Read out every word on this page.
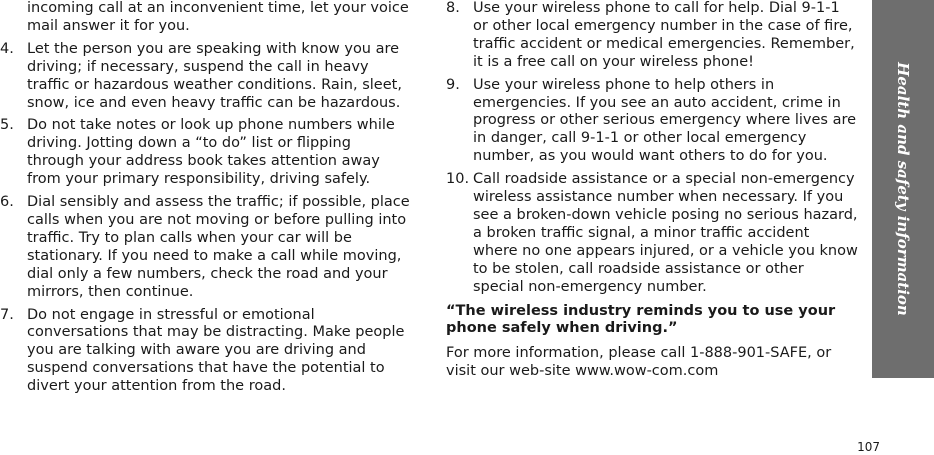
incoming call at an inconvenient time, let your voice mail answer it for you.

4. Let the person you are speaking with know you are driving; if necessary, suspend the call in heavy traffic or hazardous weather conditions. Rain, sleet, snow, ice and even heavy traffic can be hazardous.
5. Do not take notes or look up phone numbers while driving. Jotting down a “to do” list or flipping through your address book takes attention away from your primary responsibility, driving safely.
6. Dial sensibly and assess the traffic; if possible, place calls when you are not moving or before pulling into traffic. Try to plan calls when your car will be stationary. If you need to make a call while moving, dial only a few numbers, check the road and your mirrors, then continue.
7. Do not engage in stressful or emotional conversations that may be distracting. Make people you are talking with aware you are driving and suspend conversations that have the potential to divert your attention from the road.
8. Use your wireless phone to call for help. Dial 9-1-1 or other local emergency number in the case of fire, traffic accident or medical emergencies. Remember, it is a free call on your wireless phone!
9. Use your wireless phone to help others in emergencies. If you see an auto accident, crime in progress or other serious emergency where lives are in danger, call 9-1-1 or other local emergency number, as you would want others to do for you.
10. Call roadside assistance or a special non-emergency wireless assistance number when necessary. If you see a broken-down vehicle posing no serious hazard, a broken traffic signal, a minor traffic accident where no one appears injured, or a vehicle you know to be stolen, call roadside assistance or other special non-emergency number.

“The wireless industry reminds you to use your phone safely when driving.”

For more information, please call 1-888-901-SAFE, or visit our web-site www.wow-com.com

Health and safety information
107
